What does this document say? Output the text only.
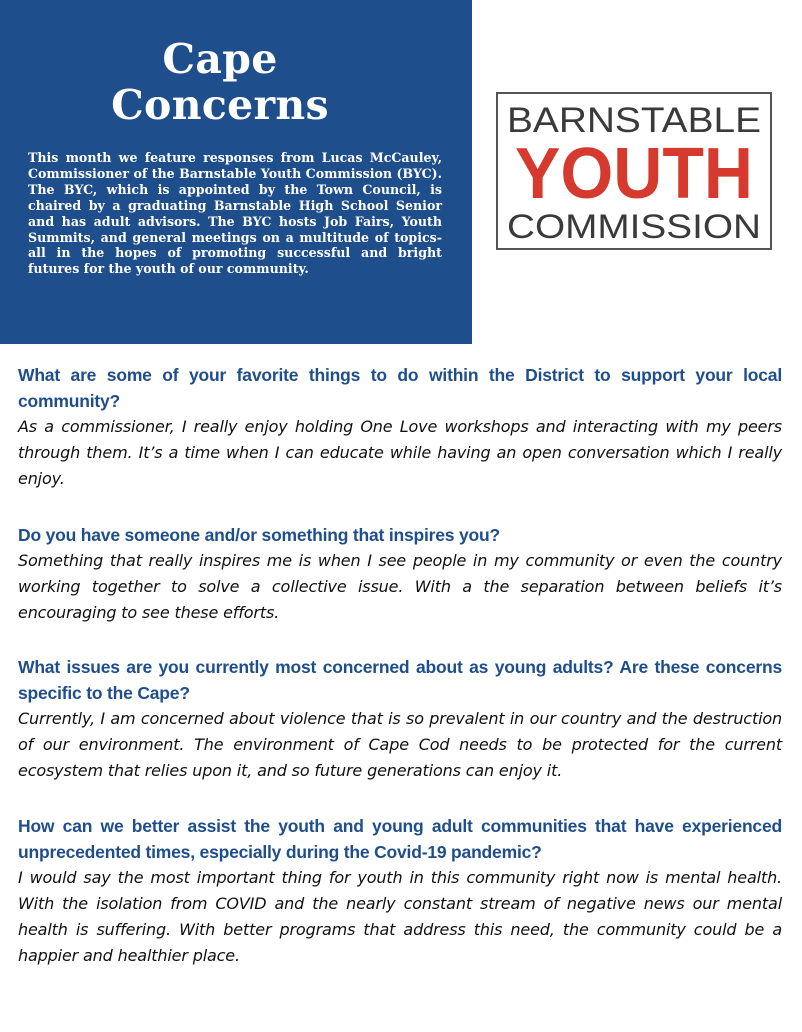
Cape
Concerns

This month we feature responses from Lucas McCauley, Commissioner of the Barnstable Youth Commission (BYC). The BYC, which is appointed by the Town Council, is chaired by a graduating Barnstable High School Senior and has adult advisors. The BYC hosts Job Fairs, Youth Summits, and general meetings on a multitude of topics- all in the hopes of promoting successful and bright futures for the youth of our community.

BARNSTABLE
YOUTH
COMMISSION

What are some of your favorite things to do within the District to support your local community?

As a commissioner, I really enjoy holding One Love workshops and interacting with my peers through them. It’s a time when I can educate while having an open conversation which I really enjoy.

Do you have someone and/or something that inspires you?

Something that really inspires me is when I see people in my community or even the country working together to solve a collective issue. With a the separation between beliefs it’s encouraging to see these efforts.

What issues are you currently most concerned about as young adults? Are these concerns specific to the Cape?

Currently, I am concerned about violence that is so prevalent in our country and the destruction of our environment. The environment of Cape Cod needs to be protected for the current ecosystem that relies upon it, and so future generations can enjoy it.

How can we better assist the youth and young adult communities that have experienced unprecedented times, especially during the Covid-19 pandemic?

I would say the most important thing for youth in this community right now is mental health. With the isolation from COVID and the nearly constant stream of negative news our mental health is suffering. With better programs that address this need, the community could be a happier and healthier place.
